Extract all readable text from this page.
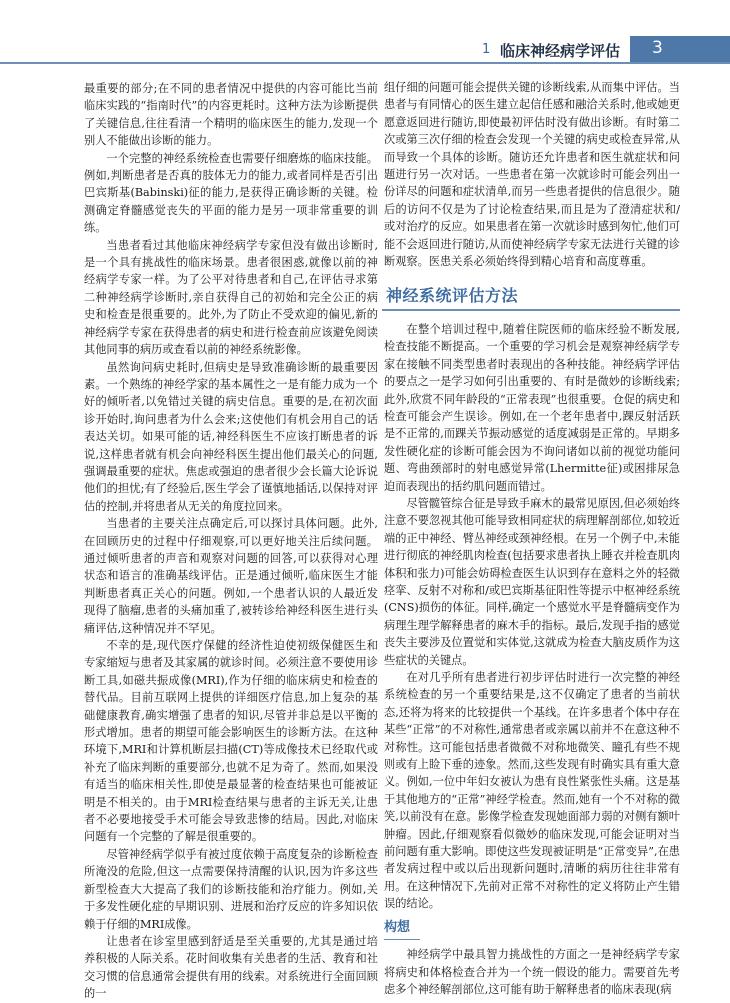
1 临床神经病学评估 3

最重要的部分;在不同的患者情况中提供的内容可能比当前临床实践的“指南时代”的内容更耗时。这种方法为诊断提供了关键信息,往往看清一个精明的临床医生的能力,发现一个别人不能做出诊断的能力。

一个完整的神经系统检查也需要仔细磨炼的临床技能。例如,判断患者是否真的肢体无力的能力,或者同样是否引出巴宾斯基(Babinski)征的能力,是获得正确诊断的关键。检测确定脊髓感觉丧失的平面的能力是另一项非常重要的训练。

当患者看过其他临床神经病学专家但没有做出诊断时,是一个具有挑战性的临床场景。患者很困惑,就像以前的神经病学专家一样。为了公平对待患者和自己,在评估寻求第二种神经病学诊断时,亲自获得自己的初始和完全公正的病史和检查是很重要的。此外,为了防止不受欢迎的偏见,新的神经病学专家在获得患者的病史和进行检查前应该避免阅读其他同事的病历或查看以前的神经系统影像。

虽然询问病史耗时,但病史是导致准确诊断的最重要因素。一个熟练的神经学家的基本属性之一是有能力成为一个好的倾听者,以免错过关键的病史信息。重要的是,在初次面诊开始时,询问患者为什么会来;这使他们有机会用自己的话表达关切。如果可能的话,神经科医生不应该打断患者的诉说,这样患者就有机会向神经科医生提出他们最关心的问题,强调最重要的症状。焦虑或强迫的患者很少会长篇大论诉说他们的担忧;有了经验后,医生学会了谨慎地插话,以保持对评估的控制,并将患者从无关的角度拉回来。

当患者的主要关注点确定后,可以探讨具体问题。此外,在回顾历史的过程中仔细观察,可以更好地关注后续问题。通过倾听患者的声音和观察对问题的回答,可以获得对心理状态和语言的准确基线评估。正是通过倾听,临床医生才能判断患者真正关心的问题。例如,一个患者认识的人最近发现得了脑瘤,患者的头痛加重了,被转诊给神经科医生进行头痛评估,这种情况并不罕见。

不幸的是,现代医疗保健的经济性迫使初级保健医生和专家缩短与患者及其家属的就诊时间。必须注意不要使用诊断工具,如磁共振成像(MRI),作为仔细的临床病史和检查的替代品。目前互联网上提供的详细医疗信息,加上复杂的基础健康教育,确实增强了患者的知识,尽管并非总是以平衡的形式增加。患者的期望可能会影响医生的诊断方法。在这种环境下,MRI和计算机断层扫描(CT)等成像技术已经取代或补充了临床判断的重要部分,也就不足为奇了。然而,如果没有适当的临床相关性,即使是最显著的检查结果也可能被证明是不相关的。由于MRI检查结果与患者的主诉无关,让患者不必要地接受手术可能会导致悲惨的结局。因此,对临床问题有一个完整的了解是很重要的。

尽管神经病学似乎有被过度依赖于高度复杂的诊断检查所淹没的危险,但这一点需要保持清醒的认识,因为许多这些新型检查大大提高了我们的诊断技能和治疗能力。例如,关于多发性硬化症的早期识别、进展和治疗反应的许多知识依赖于仔细的MRI成像。

让患者在诊室里感到舒适是至关重要的,尤其是通过培养积极的人际关系。花时间收集有关患者的生活、教育和社交习惯的信息通常会提供有用的线索。对系统进行全面回顾的一

组仔细的问题可能会提供关键的诊断线索,从而集中评估。当患者与有同情心的医生建立起信任感和融洽关系时,他或她更愿意返回进行随访,即使最初评估时没有做出诊断。有时第二次或第三次仔细的检查会发现一个关键的病史或检查异常,从而导致一个具体的诊断。随访还允许患者和医生就症状和问题进行另一次对话。一些患者在第一次就诊时可能会列出一份详尽的问题和症状清单,而另一些患者提供的信息很少。随后的访问不仅是为了讨论检查结果,而且是为了澄清症状和/或对治疗的反应。如果患者在第一次就诊时感到匆忙,他们可能不会返回进行随访,从而使神经病学专家无法进行关键的诊断观察。医患关系必须始终得到精心培育和高度尊重。

神经系统评估方法

在整个培训过程中,随着住院医师的临床经验不断发展,检查技能不断提高。一个重要的学习机会是观察神经病学专家在接触不同类型患者时表现出的各种技能。神经病学评估的要点之一是学习如何引出重要的、有时是微妙的诊断线索;此外,欣赏不同年龄段的“正常表现”也很重要。仓促的病史和检查可能会产生误诊。例如,在一个老年患者中,踝反射活跃是不正常的,而踝关节振动感觉的适度减弱是正常的。早期多发性硬化症的诊断可能会因为不询问诸如以前的视觉功能问题、弯曲颈部时的射电感觉异常(Lhermitte征)或困排尿急迫而表现出的括约肌问题而错过。

尽管髋管综合征是导致手麻木的最常见原因,但必须始终注意不要忽视其他可能导致相同症状的病理解剖部位,如较近端的正中神经、臂丛神经或颈神经根。在另一个例子中,未能进行彻底的神经肌肉检查(包括要求患者执上睡衣并检查肌肉体积和张力)可能会妨碍检查医生认识到存在意料之外的轻微痉挛、反射不对称和/或巴宾斯基征阳性等提示中枢神经系统(CNS)损伤的体征。同样,确定一个感觉水平是脊髓病变作为病理生理学解释患者的麻木手的指标。最后,发现手指的感觉丧失主要涉及位置觉和实体觉,这就成为检查大脑皮质作为这些症状的关键点。

在对几乎所有患者进行初步评估时进行一次完整的神经系统检查的另一个重要结果是,这不仅确定了患者的当前状态,还将为将来的比较提供一个基线。在许多患者个体中存在某些“正常”的不对称性,通常患者或亲属以前并不在意这种不对称性。这可能包括患者微微不对称地微笑、瞳孔有些不规则或有上睑下垂的迹象。然而,这些发现有时确实具有重大意义。例如,一位中年妇女被认为患有良性紧张性头痛。这是基于其他地方的“正常”神经学检查。然而,她有一个不对称的微笑,以前没有在意。影像学检查发现她面部力弱的对侧有额叶肿瘤。因此,仔细观察看似微妙的临床发现,可能会证明对当前问题有重大影响。即使这些发现被证明是“正常变异”,在患者发病过程中或以后出现新问题时,清晰的病历往往非常有用。在这种情况下,先前对正常不对称性的定义将防止产生错误的结论。

构想

神经病学中最具智力挑战性的方面之一是神经病学专家将病史和体格检查合并为一个统一假设的能力。需要首先考虑多个神经解剖部位,这可能有助于解释患者的临床表现(病
